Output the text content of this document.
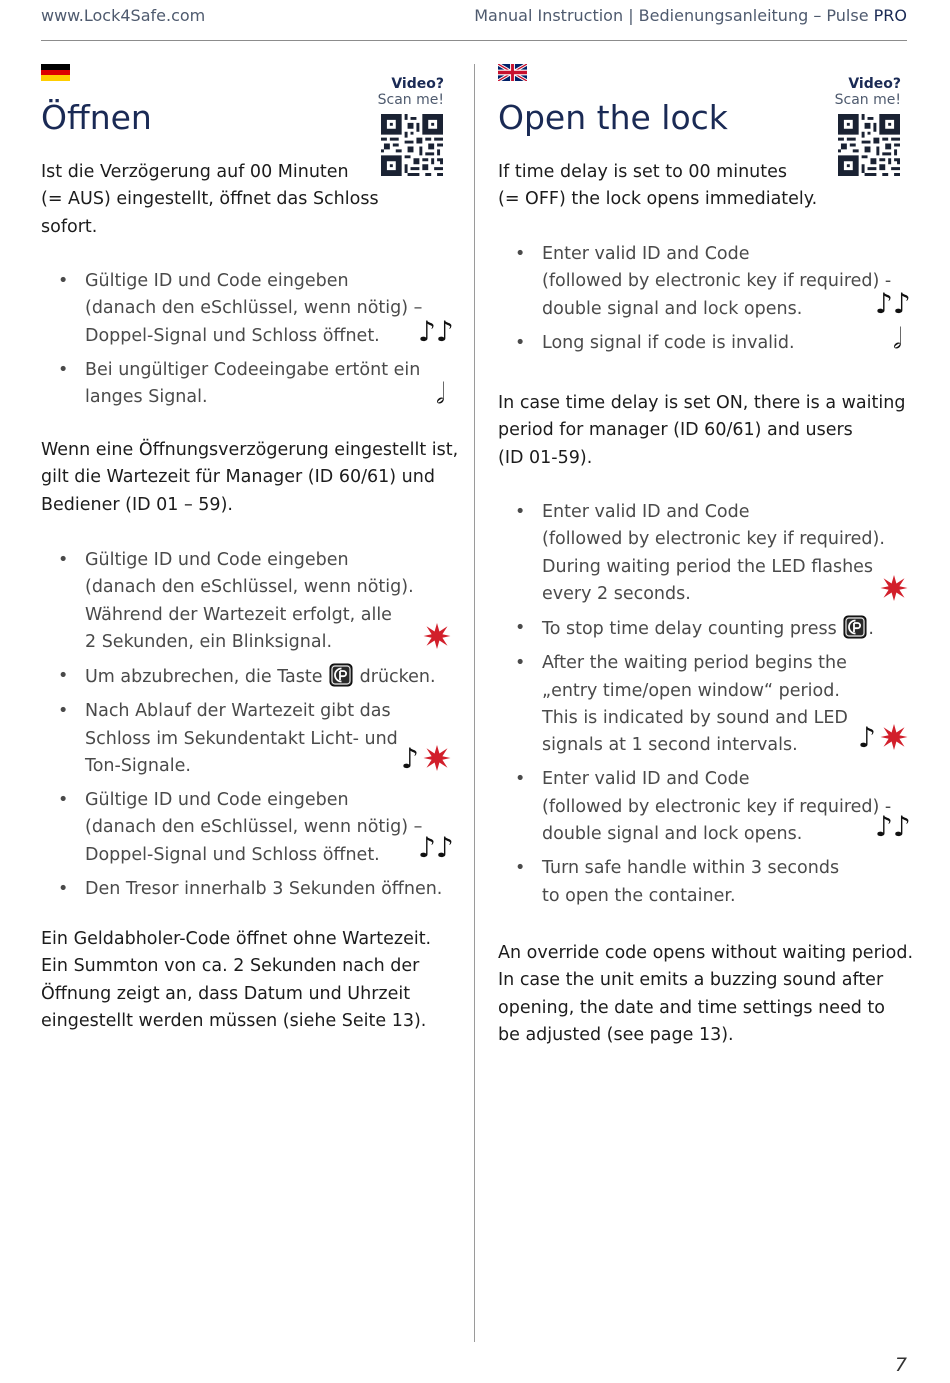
www.Lock4Safe.com	Manual Instruction | Bedienungsanleitung – Pulse PRO
Video?
Scan me!
Öffnen

Ist die Verzögerung auf 00 Minuten
(= AUS) eingestellt, öffnet das Schloss
sofort.

• Gültige ID und Code eingeben
(danach den eSchlüssel, wenn nötig) –
Doppel-Signal und Schloss öffnet.
• Bei ungültiger Codeeingabe ertönt ein
langes Signal.
♪♪
𝅗𝅥

Wenn eine Öffnungsverzögerung eingestellt ist,
gilt die Wartezeit für Manager (ID 60/61) und
Bediener (ID 01 – 59).

• Gültige ID und Code eingeben
(danach den eSchlüssel, wenn nötig).
Während der Wartezeit erfolgt, alle
2 Sekunden, ein Blinksignal.
• Um abzubrechen, die Taste drücken.
• Nach Ablauf der Wartezeit gibt das
Schloss im Sekundentakt Licht- und
Ton-Signale.
• Gültige ID und Code eingeben
(danach den eSchlüssel, wenn nötig) –
Doppel-Signal und Schloss öffnet.
• Den Tresor innerhalb 3 Sekunden öffnen.
♪
♪♪

Ein Geldabholer-Code öffnet ohne Wartezeit.
Ein Summton von ca. 2 Sekunden nach der
Öffnung zeigt an, dass Datum und Uhrzeit
eingestellt werden müssen (siehe Seite 13).

Video?
Scan me!
Open the lock

If time delay is set to 00 minutes
(= OFF) the lock opens immediately.

• Enter valid ID and Code
(followed by electronic key if required) -
double signal and lock opens.
• Long signal if code is invalid.
♪♪
𝅗𝅥

In case time delay is set ON, there is a waiting
period for manager (ID 60/61) and users
(ID 01-59).

• Enter valid ID and Code
(followed by electronic key if required).
During waiting period the LED flashes
every 2 seconds.
• To stop time delay counting press .
• After the waiting period begins the
„entry time/open window“ period.
This is indicated by sound and LED
signals at 1 second intervals.
• Enter valid ID and Code
(followed by electronic key if required) -
double signal and lock opens.
• Turn safe handle within 3 seconds
to open the container.
♪
♪♪

An override code opens without waiting period.
In case the unit emits a buzzing sound after
opening, the date and time settings need to
be adjusted (see page 13).

7
